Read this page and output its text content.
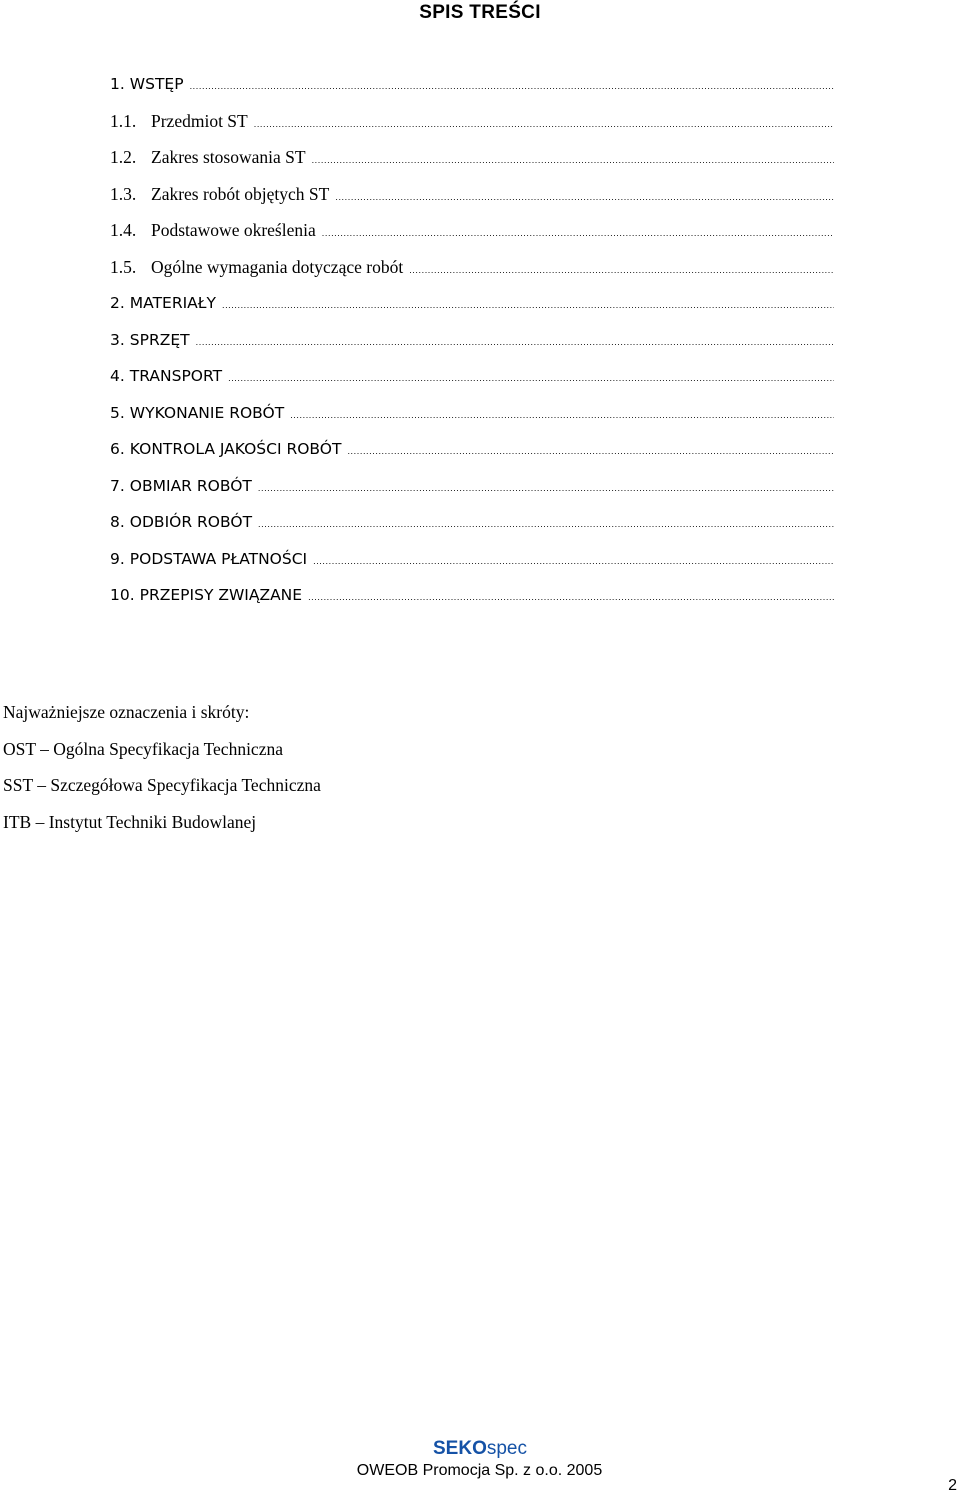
SPIS TREŚCI
1. WSTĘP
.....
1.1. Przedmiot ST
.....
1.2. Zakres stosowania ST
.....
1.3. Zakres robót objętych ST
.....
1.4. Podstawowe określenia
.....
1.5. Ogólne wymagania dotyczące robót
.....
2. MATERIAŁY
.....
3. SPRZĘT
.....
4. TRANSPORT
.....
5. WYKONANIE ROBÓT
.....
6. KONTROLA JAKOŚCI ROBÓT
.....
7. OBMIAR ROBÓT
.....
8. ODBIÓR ROBÓT
.....
9. PODSTAWA PŁATNOŚCI
.....
10. PRZEPISY ZWIĄZANE
.....
Najważniejsze oznaczenia i skróty:
OST – Ogólna Specyfikacja Techniczna
SST – Szczegółowa Specyfikacja Techniczna
ITB – Instytut Techniki Budowlanej
SEKOspec
OWEOB Promocja Sp. z o.o. 2005
2
